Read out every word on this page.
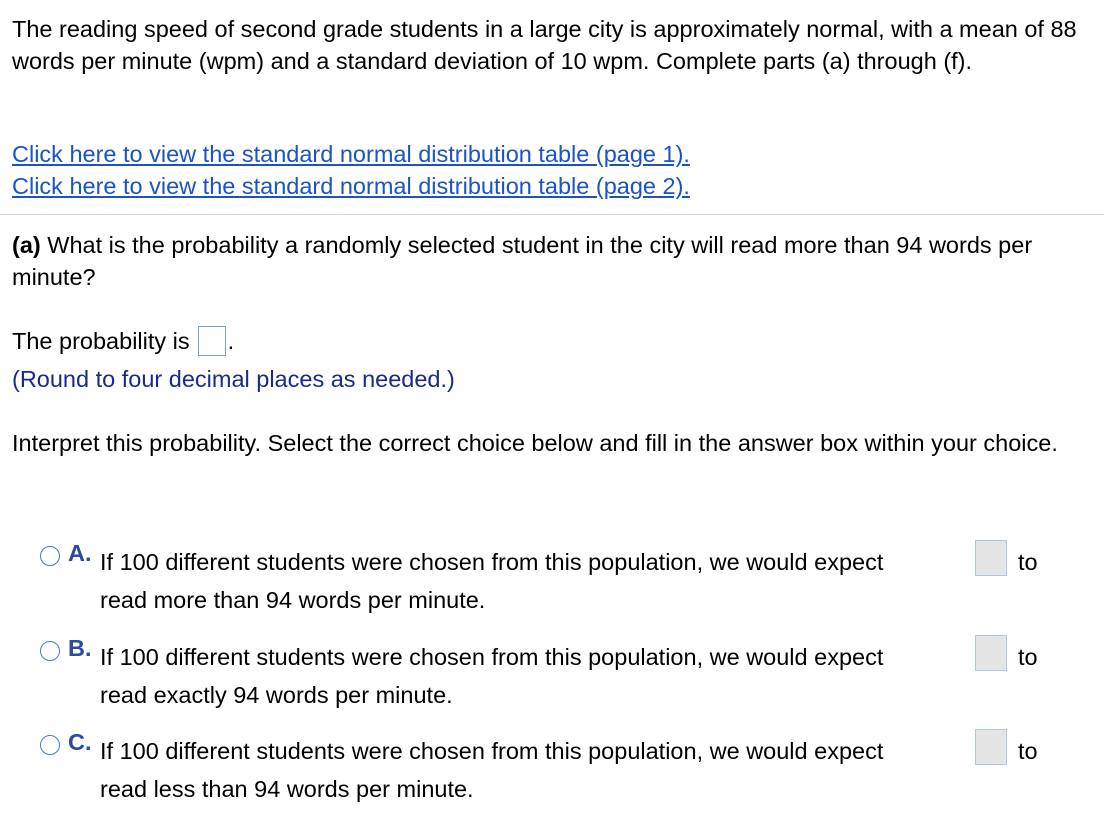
The reading speed of second grade students in a large city is approximately normal, with a mean of 88 words per minute (wpm) and a standard deviation of 10 wpm. Complete parts (a) through (f).

Click here to view the standard normal distribution table (page 1).
Click here to view the standard normal distribution table (page 2).
(a) What is the probability a randomly selected student in the city will read more than 94 words per minute?
The probability is .
(Round to four decimal places as needed.)
Interpret this probability. Select the correct choice below and fill in the answer box within your choice.
A. If 100 different students were chosen from this population, we would expect	to
read more than 94 words per minute.
B. If 100 different students were chosen from this population, we would expect	to
read exactly 94 words per minute.
C. If 100 different students were chosen from this population, we would expect	to
read less than 94 words per minute.
